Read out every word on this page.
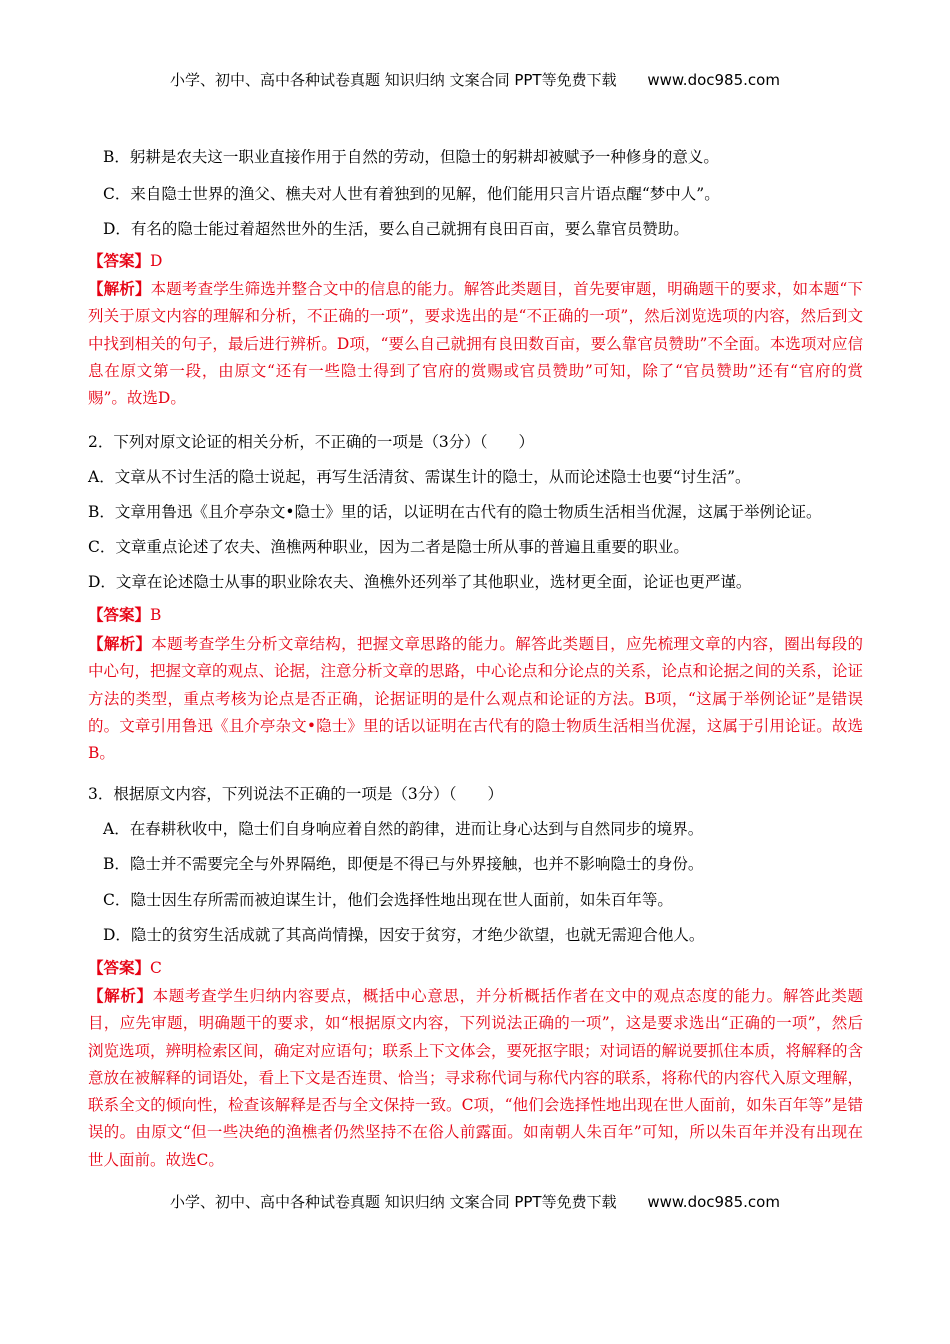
小学、初中、高中各种试卷真题 知识归纳 文案合同 PPT等免费下载 www.doc985.com
B．躬耕是农夫这一职业直接作用于自然的劳动，但隐士的躬耕却被赋予一种修身的意义。
C．来自隐士世界的渔父、樵夫对人世有着独到的见解，他们能用只言片语点醒“梦中人”。
D．有名的隐士能过着超然世外的生活，要么自己就拥有良田百亩，要么靠官员赞助。
【答案】D
【解析】本题考查学生筛选并整合文中的信息的能力。解答此类题目，首先要审题，明确题干的要求，如本题“下列关于原文内容的理解和分析，不正确的一项”，要求选出的是“不正确的一项”，然后浏览选项的内容，然后到文中找到相关的句子，最后进行辨析。D项，“要么自己就拥有良田数百亩，要么靠官员赞助”不全面。本选项对应信息在原文第一段，由原文“还有一些隐士得到了官府的赏赐或官员赞助”可知，除了“官员赞助”还有“官府的赏赐”。故选D。
2．下列对原文论证的相关分析，不正确的一项是（3分）（　　）
A．文章从不讨生活的隐士说起，再写生活清贫、需谋生计的隐士，从而论述隐士也要“讨生活”。
B．文章用鲁迅《且介亭杂文•隐士》里的话，以证明在古代有的隐士物质生活相当优渥，这属于举例论证。
C．文章重点论述了农夫、渔樵两种职业，因为二者是隐士所从事的普遍且重要的职业。
D．文章在论述隐士从事的职业除农夫、渔樵外还列举了其他职业，选材更全面，论证也更严谨。
【答案】B
【解析】本题考查学生分析文章结构，把握文章思路的能力。解答此类题目，应先梳理文章的内容，圈出每段的中心句，把握文章的观点、论据，注意分析文章的思路，中心论点和分论点的关系，论点和论据之间的关系，论证方法的类型，重点考核为论点是否正确，论据证明的是什么观点和论证的方法。B项，“这属于举例论证”是错误的。文章引用鲁迅《且介亭杂文•隐士》里的话以证明在古代有的隐士物质生活相当优渥，这属于引用论证。故选B。
3．根据原文内容，下列说法不正确的一项是（3分）（　　）
A．在春耕秋收中，隐士们自身响应着自然的韵律，进而让身心达到与自然同步的境界。
B．隐士并不需要完全与外界隔绝，即便是不得已与外界接触，也并不影响隐士的身份。
C．隐士因生存所需而被迫谋生计，他们会选择性地出现在世人面前，如朱百年等。
D．隐士的贫穷生活成就了其高尚情操，因安于贫穷，才绝少欲望，也就无需迎合他人。
【答案】C
【解析】本题考查学生归纳内容要点，概括中心意思，并分析概括作者在文中的观点态度的能力。解答此类题目，应先审题，明确题干的要求，如“根据原文内容，下列说法正确的一项”，这是要求选出“正确的一项”，然后浏览选项，辨明检索区间，确定对应语句；联系上下文体会，要死抠字眼；对词语的解说要抓住本质，将解释的含意放在被解释的词语处，看上下文是否连贯、恰当；寻求称代词与称代内容的联系，将称代的内容代入原文理解，联系全文的倾向性，检查该解释是否与全文保持一致。C项，“他们会选择性地出现在世人面前，如朱百年等”是错误的。由原文“但一些决绝的渔樵者仍然坚持不在俗人前露面。如南朝人朱百年”可知，所以朱百年并没有出现在世人面前。故选C。
小学、初中、高中各种试卷真题 知识归纳 文案合同 PPT等免费下载 www.doc985.com
